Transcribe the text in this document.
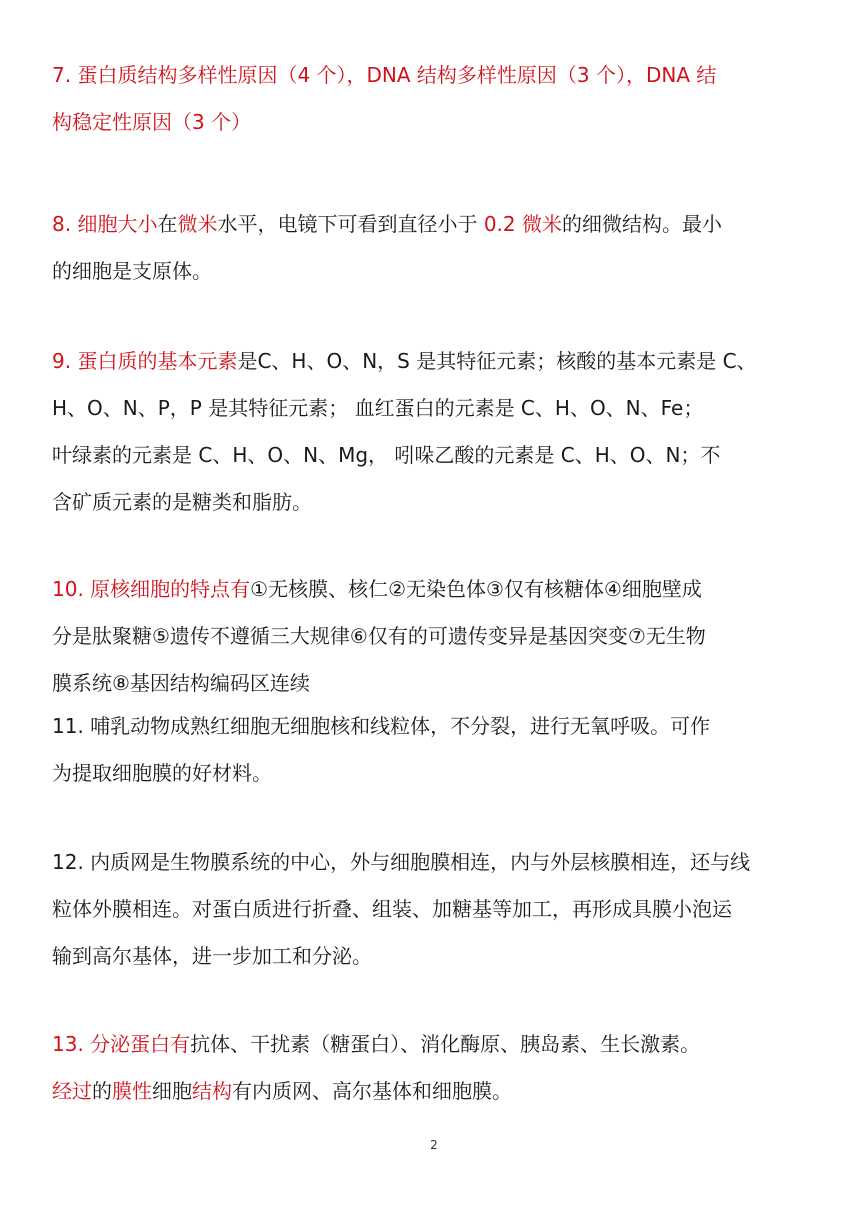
7. 蛋白质结构多样性原因（4 个），DNA 结构多样性原因（3 个），DNA 结
构稳定性原因（3 个）
8. 细胞大小在微米水平，电镜下可看到直径小于 0.2 微米的细微结构。最小
的细胞是支原体。
9. 蛋白质的基本元素是C、H、O、N，S 是其特征元素；核酸的基本元素是 C、
H、O、N、P，P 是其特征元素； 血红蛋白的元素是 C、H、O、N、Fe；
叶绿素的元素是 C、H、O、N、Mg， 吲哚乙酸的元素是 C、H、O、N；不
含矿质元素的是糖类和脂肪。
10. 原核细胞的特点有①无核膜、核仁②无染色体③仅有核糖体④细胞壁成
分是肽聚糖⑤遗传不遵循三大规律⑥仅有的可遗传变异是基因突变⑦无生物
膜系统⑧基因结构编码区连续
11. 哺乳动物成熟红细胞无细胞核和线粒体，不分裂，进行无氧呼吸。可作
为提取细胞膜的好材料。
12. 内质网是生物膜系统的中心，外与细胞膜相连，内与外层核膜相连，还与线
粒体外膜相连。对蛋白质进行折叠、组装、加糖基等加工，再形成具膜小泡运
输到高尔基体，进一步加工和分泌。
13. 分泌蛋白有抗体、干扰素（糖蛋白）、消化酶原、胰岛素、生长激素。
经过的膜性细胞结构有内质网、高尔基体和细胞膜。
2
